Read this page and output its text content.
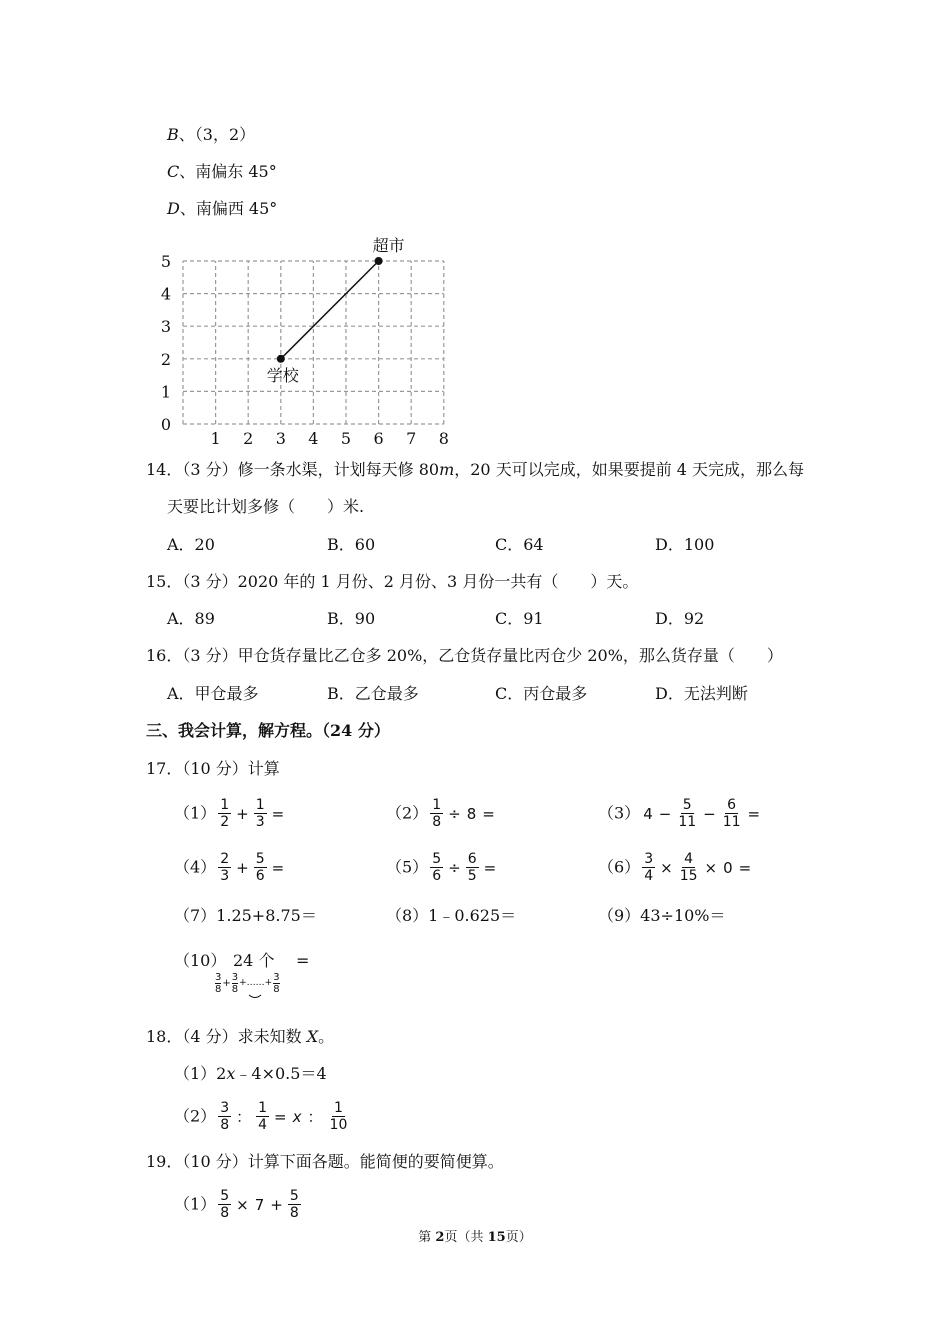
B、（3，2）
C、南偏东 45°
D、南偏西 45°
0
1
2
3
4
5
1 2 3 4 5 6 7 8
学校
超市
14．（3 分）修一条水渠，计划每天修 80m，20 天可以完成，如果要提前 4 天完成，那么每
天要比计划多修（　　）米.
A．20	B．60	C．64	D．100
15．（3 分）2020 年的 1 月份、2 月份、3 月份一共有（　　）天。
A．89	B．90	C．91	D．92
16．（3 分）甲仓货存量比乙仓多 20%，乙仓货存量比丙仓少 20%，那么货存量（　　）
A．甲仓最多	B．乙仓最多	C．丙仓最多	D．无法判断
三、我会计算，解方程。（24 分）
17．（10 分）计算
$(1) \frac{1}{2} + \frac{1}{3}$ =	$(2) \frac{1}{8} \div 8$ =	（3） $4 - \frac{5}{11} - \frac{6}{11}$ =
$(4) \frac{2}{3} + \frac{5}{6}$ =	$(5) \frac{5}{6} \div \frac{6}{5}$ =	$(6) \frac{3}{4} \times \frac{4}{15} \times 0$ =
（7）1.25+8.75＝	（8）1﹣0.625＝	（9）43÷10%＝
（10） 24 个 =
$\frac{3}{8} + \frac{3}{8}$ +……+ $\frac{3}{8}$
18．（4 分）求未知数 X。
（1）2x﹣4×0.5＝4
$(2) \frac{3}{8}$ ： $\frac{1}{4} = x$ ： $\frac{1}{10}$
19．（10 分）计算下面各题。能简便的要简便算。
$(1) \frac{5}{8} \times 7 + \frac{5}{8}$
第 2页（共 15页）
